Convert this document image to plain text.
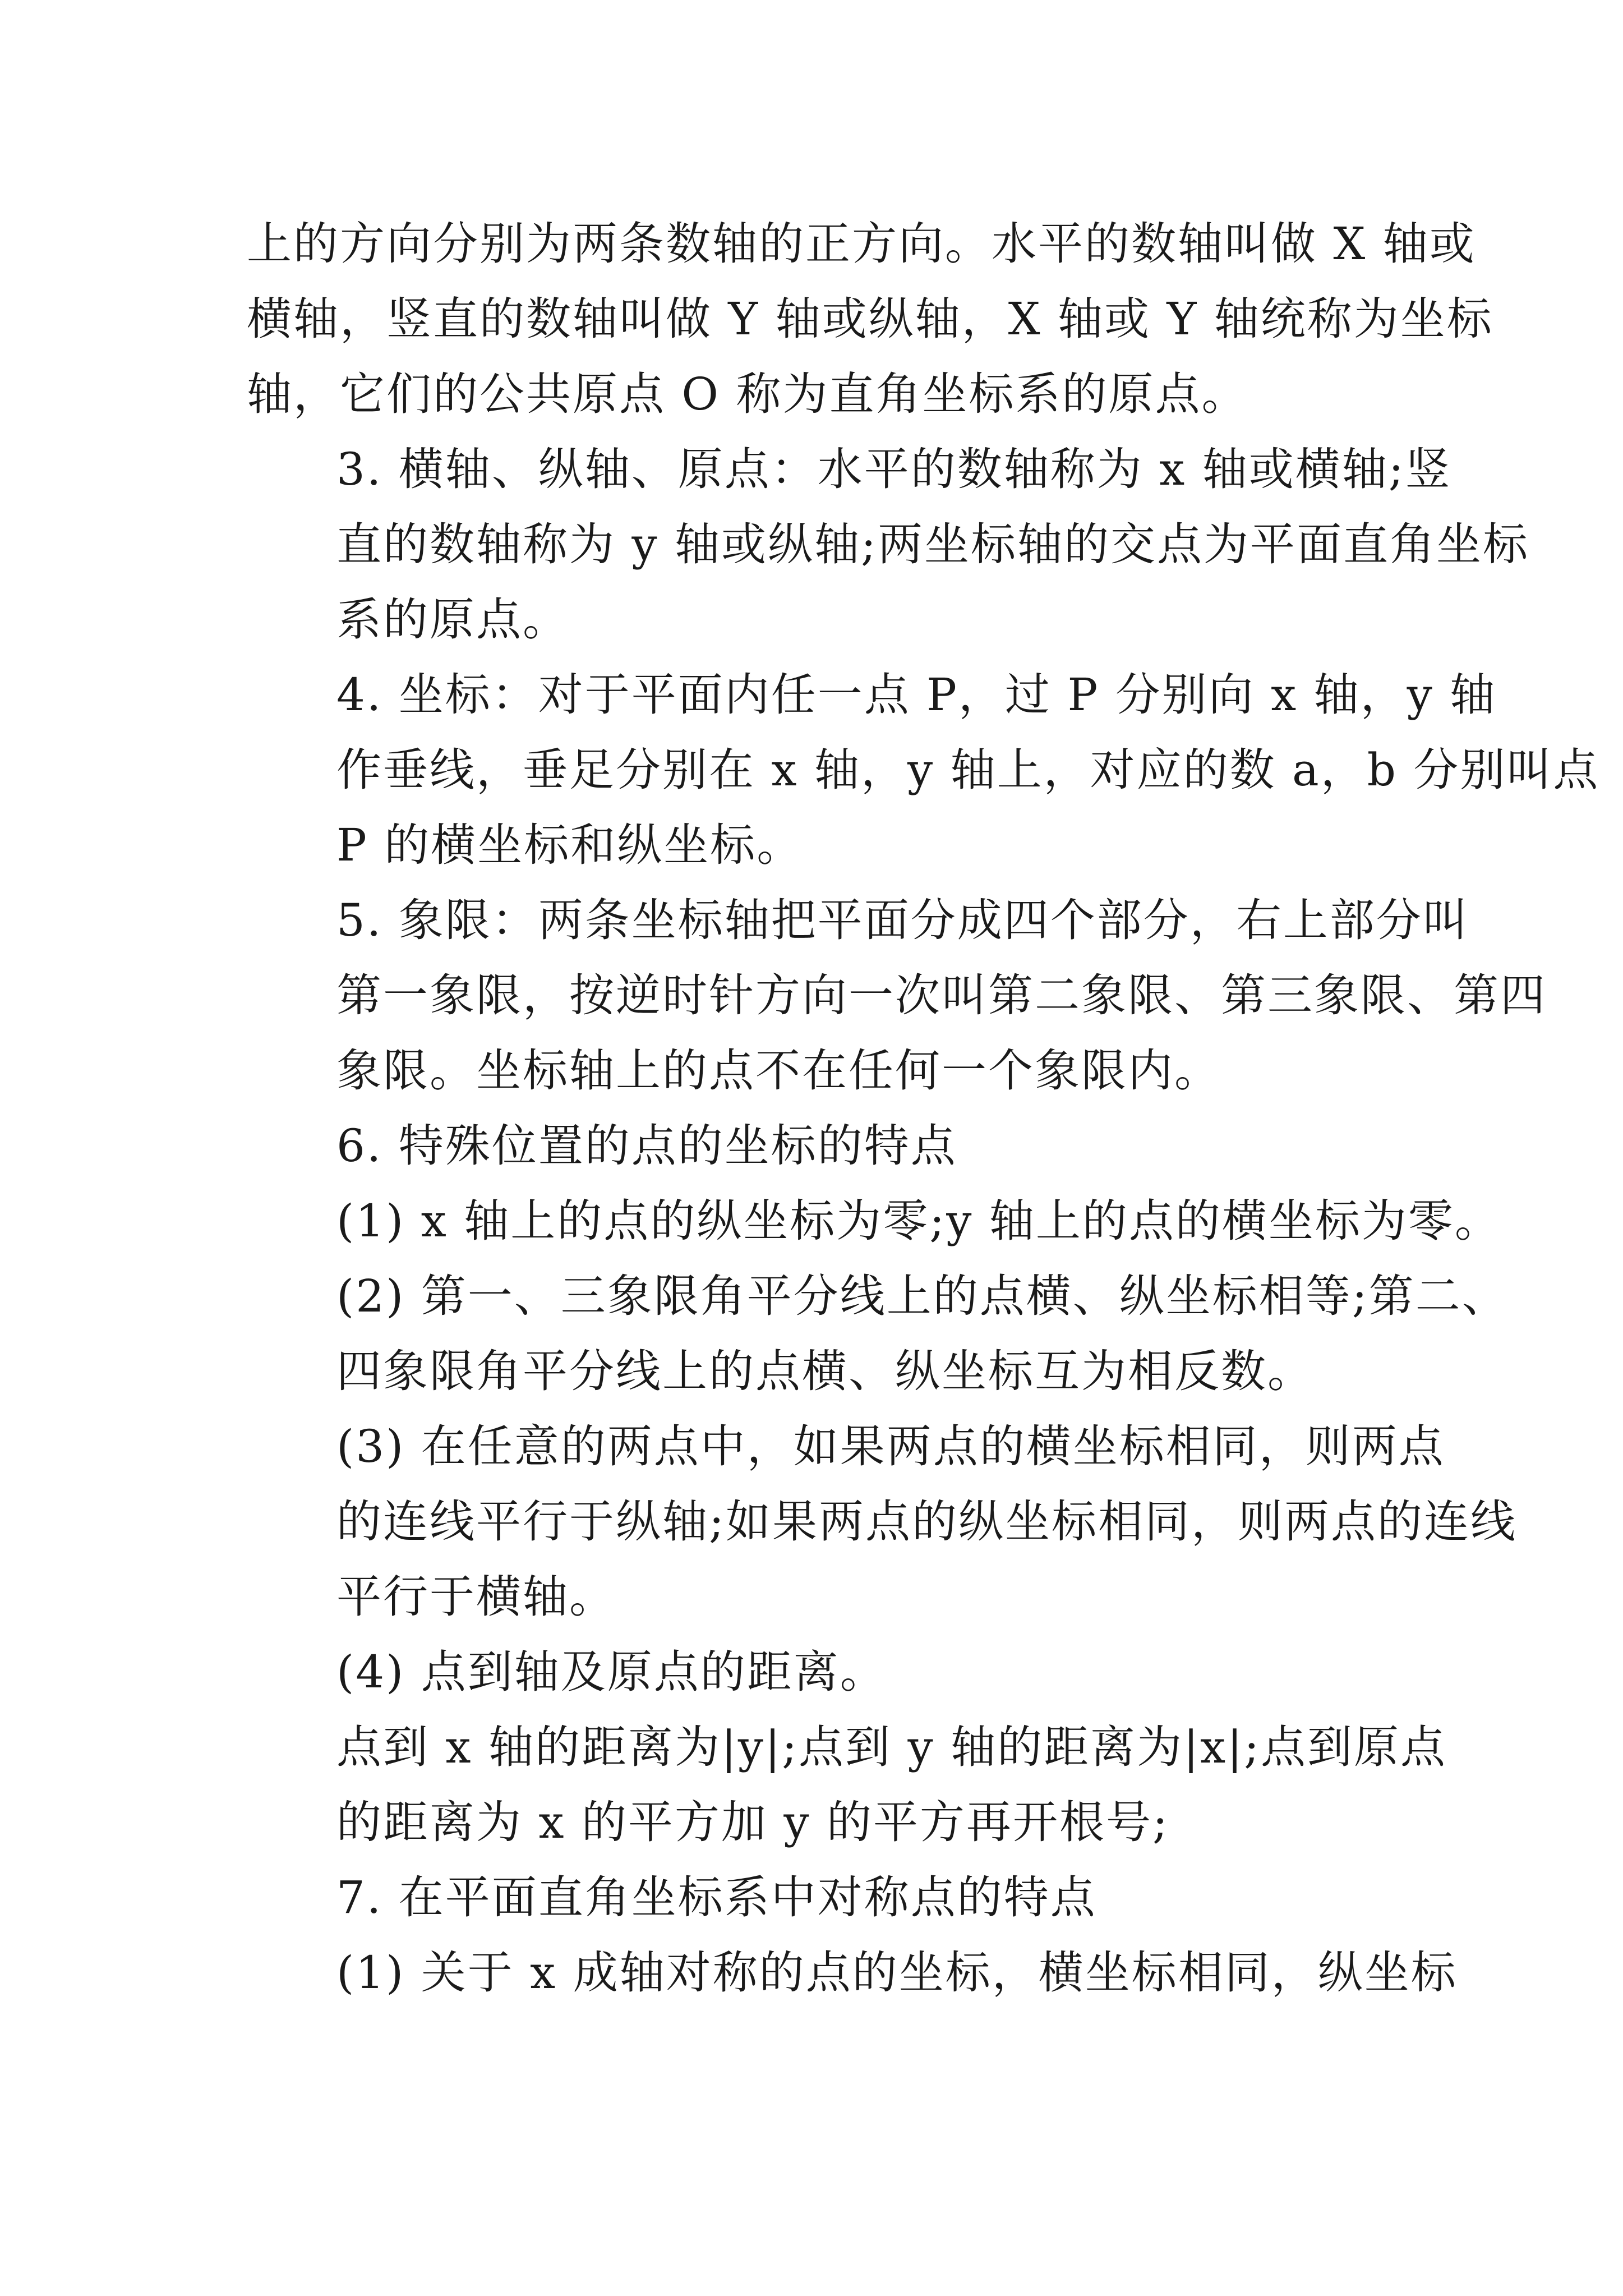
上的方向分别为两条数轴的正方向。水平的数轴叫做 X 轴或
横轴，竖直的数轴叫做 Y 轴或纵轴，X 轴或 Y 轴统称为坐标
轴，它们的公共原点 O 称为直角坐标系的原点。

3. 横轴、纵轴、原点：水平的数轴称为 x 轴或横轴;竖
直的数轴称为 y 轴或纵轴;两坐标轴的交点为平面直角坐标
系的原点。

4. 坐标：对于平面内任一点 P，过 P 分别向 x 轴，y 轴
作垂线，垂足分别在 x 轴，y 轴上，对应的数 a，b 分别叫点
P 的横坐标和纵坐标。

5. 象限：两条坐标轴把平面分成四个部分，右上部分叫
第一象限，按逆时针方向一次叫第二象限、第三象限、第四
象限。坐标轴上的点不在任何一个象限内。

6. 特殊位置的点的坐标的特点

(1) x 轴上的点的纵坐标为零;y 轴上的点的横坐标为零。

(2) 第一、三象限角平分线上的点横、纵坐标相等;第二、
四象限角平分线上的点横、纵坐标互为相反数。

(3) 在任意的两点中，如果两点的横坐标相同，则两点
的连线平行于纵轴;如果两点的纵坐标相同，则两点的连线
平行于横轴。

(4) 点到轴及原点的距离。

点到 x 轴的距离为|y|;点到 y 轴的距离为|x|;点到原点
的距离为 x 的平方加 y 的平方再开根号;

7. 在平面直角坐标系中对称点的特点

(1) 关于 x 成轴对称的点的坐标，横坐标相同，纵坐标
